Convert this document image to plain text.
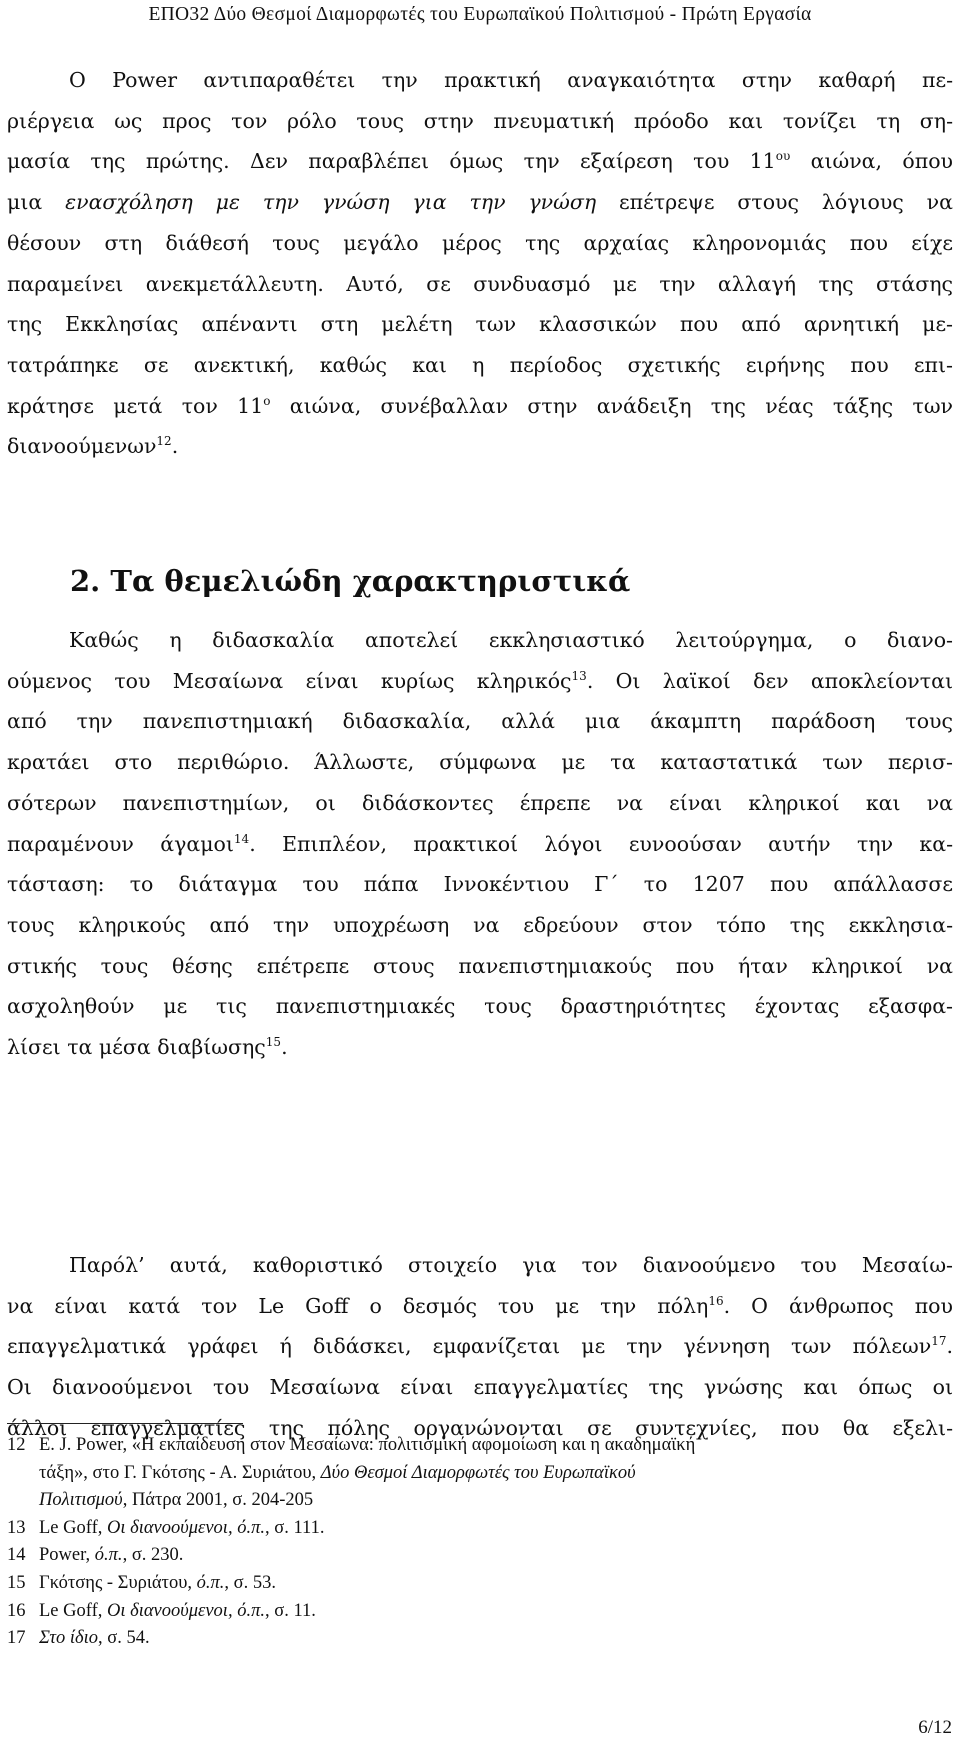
ΕΠΟ32 Δύο Θεσμοί Διαμορφωτές του Ευρωπαϊκού Πολιτισμού - Πρώτη Εργασία
Ο Power αντιπαραθέτει την πρακτική αναγκαιότητα στην καθαρή πε-
ριέργεια ως προς τον ρόλο τους στην πνευματική πρόοδο και τονίζει τη ση-
μασία της πρώτης. Δεν παραβλέπει όμως την εξαίρεση του $11^{o\upsilon}$ αιώνα, όπου
μια ενασχόληση με την γνώση για την γνώση επέτρεψε στους λόγιους να
θέσουν στη διάθεσή τους μεγάλο μέρος της αρχαίας κληρονομιάς που είχε
παραμείνει ανεκμετάλλευτη. Αυτό, σε συνδυασμό με την αλλαγή της στάσης
της Εκκλησίας απέναντι στη μελέτη των κλασσικών που από αρνητική με-
τατράπηκε σε ανεκτική, καθώς και η περίοδος σχετικής ειρήνης που επι-
κράτησε μετά τον $11^o$ αιώνα, συνέβαλλαν στην ανάδειξη της νέας τάξης των
διανοούμενων$^{12}$.
2. Τα θεμελιώδη χαρακτηριστικά
Καθώς η διδασκαλία αποτελεί εκκλησιαστικό λειτούργημα, ο διανο-
ούμενος του Μεσαίωνα είναι κυρίως κληρικός$^{13}$. Οι λαϊκοί δεν αποκλείονται
από την πανεπιστημιακή διδασκαλία, αλλά μια άκαμπτη παράδοση τους
κρατάει στο περιθώριο. Άλλωστε, σύμφωνα με τα καταστατικά των περισ-
σότερων πανεπιστημίων, οι διδάσκοντες έπρεπε να είναι κληρικοί και να
παραμένουν άγαμοι$^{14}$. Επιπλέον, πρακτικοί λόγοι ευνοούσαν αυτήν την κα-
τάσταση: το διάταγμα του πάπα Ιννοκέντιου Γ΄ το 1207 που απάλλασσε
τους κληρικούς από την υποχρέωση να εδρεύουν στον τόπο της εκκλησια-
στικής τους θέσης επέτρεπε στους πανεπιστημιακούς που ήταν κληρικοί να
ασχοληθούν με τις πανεπιστημιακές τους δραστηριότητες έχοντας εξασφα-
λίσει τα μέσα διαβίωσης$^{15}$.
Παρόλ’ αυτά, καθοριστικό στοιχείο για τον διανοούμενο του Μεσαίω-
να είναι κατά τον Le Goff ο δεσμός του με την πόλη$^{16}$. Ο άνθρωπος που
επαγγελματικά γράφει ή διδάσκει, εμφανίζεται με την γέννηση των πόλεων$^{17}$.
Οι διανοούμενοι του Μεσαίωνα είναι επαγγελματίες της γνώσης και όπως οι
άλλοι επαγγελματίες της πόλης οργανώνονται σε συντεχνίες, που θα εξελι-
12 E. J. Power, «Η εκπαίδευση στον Μεσαίωνα: πολιτισμική αφομοίωση και η ακαδημαϊκή
τάξη», στο Γ. Γκότσης - Α. Συριάτου, Δύο Θεσμοί Διαμορφωτές του Ευρωπαϊκού
Πολιτισμού, Πάτρα 2001, σ. 204-205
13 Le Goff, Οι διανοούμενοι, ό.π., σ. 111.
14 Power, ό.π., σ. 230.
15 Γκότσης - Συριάτου, ό.π., σ. 53.
16 Le Goff, Οι διανοούμενοι, ό.π., σ. 11.
17 Στο ίδιο, σ. 54.
6/12
